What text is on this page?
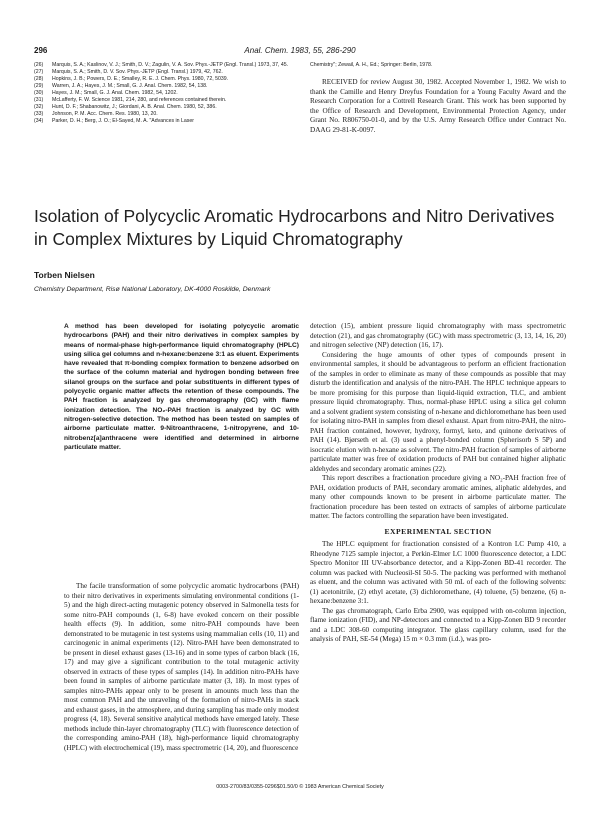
296	Anal. Chem. 1983, 55, 286-290
(26)	Marquis, S. A.; Kaslinov, V. J.; Smith, D. V.; Zagulin, V. A. Sov. Phys.-JETP (Engl. Transl.) 1973, 37, 45.
(27)	Marquis, S. A.; Smith, D. V. Sov. Phys.-JETP (Engl. Transl.) 1979, 42, 762.
(28)	Hopkins, J. B.; Powers, D. E.; Smalley, R. E. J. Chem. Phys. 1980, 72, 5039.
(29)	Warren, J. A.; Hayes, J. M.; Small, G. J. Anal. Chem. 1982, 54, 138.
(30)	Hayes, J. M.; Small, G. J. Anal. Chem. 1982, 54, 1202.
(31)	McLafferty, F. W. Science 1981, 214, 280, and references contained therein.
(32)	Hunt, D. F.; Shabanowitz, J.; Giordani, A. B. Anal. Chem. 1980, 52, 386.
(33)	Johnson, P. M. Acc. Chem. Res. 1980, 13, 20.
(34)	Parker, D. H.; Berg, J. O.; El-Sayed, M. A. "Advances in Laser
Chemistry"; Zewail, A. H., Ed.; Springer: Berlin, 1978.

RECEIVED for review August 30, 1982. Accepted November 1, 1982. We wish to thank the Camille and Henry Dreyfus Foundation for a Young Faculty Award and the Research Corporation for a Cottrell Research Grant. This work has been supported by the Office of Research and Development, Environmental Protection Agency, under Grant No. R806750-01-0, and by the U.S. Army Research Office under Contract No. DAAG 29-81-K-0097.

Isolation of Polycyclic Aromatic Hydrocarbons and Nitro Derivatives in Complex Mixtures by Liquid Chromatography
Torben Nielsen
Chemistry Department, Risø National Laboratory, DK-4000 Roskilde, Denmark
A method has been developed for isolating polycyclic aromatic hydrocarbons (PAH) and their nitro derivatives in complex samples by means of normal-phase high-performance liquid chromatography (HPLC) using silica gel columns and n-hexane:benzene 3:1 as eluent. Experiments have revealed that π-bonding complex formation to benzene adsorbed on the surface of the column material and hydrogen bonding between free silanol groups on the surface and polar substituents in different types of polycyclic organic matter affects the retention of these compounds. The PAH fraction is analyzed by gas chromatography (GC) with flame ionization detection. The NO₂-PAH fraction is analyzed by GC with nitrogen-selective detection. The method has been tested on samples of airborne particulate matter. 9-Nitroanthracene, 1-nitropyrene, and 10-nitrobenz[a]anthracene were identified and determined in airborne particulate matter.

The facile transformation of some polycyclic aromatic hydrocarbons (PAH) to their nitro derivatives in experiments simulating environmental conditions (1-5) and the high direct-acting mutagenic potency observed in Salmonella tests for some nitro-PAH compounds (1, 6-8) have evoked concern on their possible health effects (9). In addition, some nitro-PAH compounds have been demonstrated to be mutagenic in test systems using mammalian cells (10, 11) and carcinogenic in animal experiments (12). Nitro-PAH have been demonstrated to be present in diesel exhaust gases (13-16) and in some types of carbon black (16, 17) and may give a significant contribution to the total mutagenic activity observed in extracts of these types of samples (14). In addition nitro-PAHs have been found in samples of airborne particulate matter (3, 18). In most types of samples nitro-PAHs appear only to be present in amounts much less than the most common PAH and the unraveling of the formation of nitro-PAHs in stack and exhaust gases, in the atmosphere, and during sampling has made only modest progress (4, 18). Several sensitive analytical methods have emerged lately. These methods include thin-layer chromatography (TLC) with fluorescence detection of the corresponding amino-PAH (18), high-performance liquid chromatography (HPLC) with electrochemical (19), mass spectrometric (14, 20), and fluorescence

detection (15), ambient pressure liquid chromatography with mass spectrometric detection (21), and gas chromatography (GC) with mass spectrometric (3, 13, 14, 16, 20) and nitrogen selective (NP) detection (16, 17).

Considering the huge amounts of other types of compounds present in environmental samples, it should be advantageous to perform an efficient fractionation of the samples in order to eliminate as many of these compounds as possible that may disturb the identification and analysis of the nitro-PAH. The HPLC technique appears to be more promising for this purpose than liquid-liquid extraction, TLC, and ambient pressure liquid chromatography. Thus, normal-phase HPLC using a silica gel column and a solvent gradient system consisting of n-hexane and dichloromethane has been used for isolating nitro-PAH in samples from diesel exhaust. Apart from nitro-PAH, the nitro-PAH fraction contained, however, hydroxy, formyl, keto, and quinone derivatives of PAH (14). Bjørseth et al. (3) used a phenyl-bonded column (Spherisorb S 5P) and isocratic elution with n-hexane as solvent. The nitro-PAH fraction of samples of airborne particulate matter was free of oxidation products of PAH but contained higher aliphatic aldehydes and secondary aromatic amines (22).

This report describes a fractionation procedure giving a NO₂-PAH fraction free of PAH, oxidation products of PAH, secondary aromatic amines, aliphatic aldehydes, and many other compounds known to be present in airborne particulate matter. The fractionation procedure has been tested on extracts of samples of airborne particulate matter. The factors controlling the separation have been investigated.

EXPERIMENTAL SECTION

The HPLC equipment for fractionation consisted of a Kontron LC Pump 410, a Rheodyne 7125 sample injector, a Perkin-Elmer LC 1000 fluorescence detector, a LDC Spectro Monitor III UV-absorbance detector, and a Kipp-Zonen BD-41 recorder. The column was packed with Nucleosil-SI 50-5. The packing was performed with methanol as eluent, and the column was activated with 50 mL of each of the following solvents: (1) acetonitrile, (2) ethyl acetate, (3) dichloromethane, (4) toluene, (5) benzene, (6) n-hexane:benzene 3:1.

The gas chromatograph, Carlo Erba 2900, was equipped with on-column injection, flame ionization (FID), and NP-detectors and connected to a Kipp-Zonen BD 9 recorder and a LDC 308-60 computing integrator. The glass capillary column, used for the analysis of PAH, SE-54 (Mega) 15 m × 0.3 mm (i.d.), was pro-

0003-2700/83/0355-0296$01.50/0 © 1983 American Chemical Society
